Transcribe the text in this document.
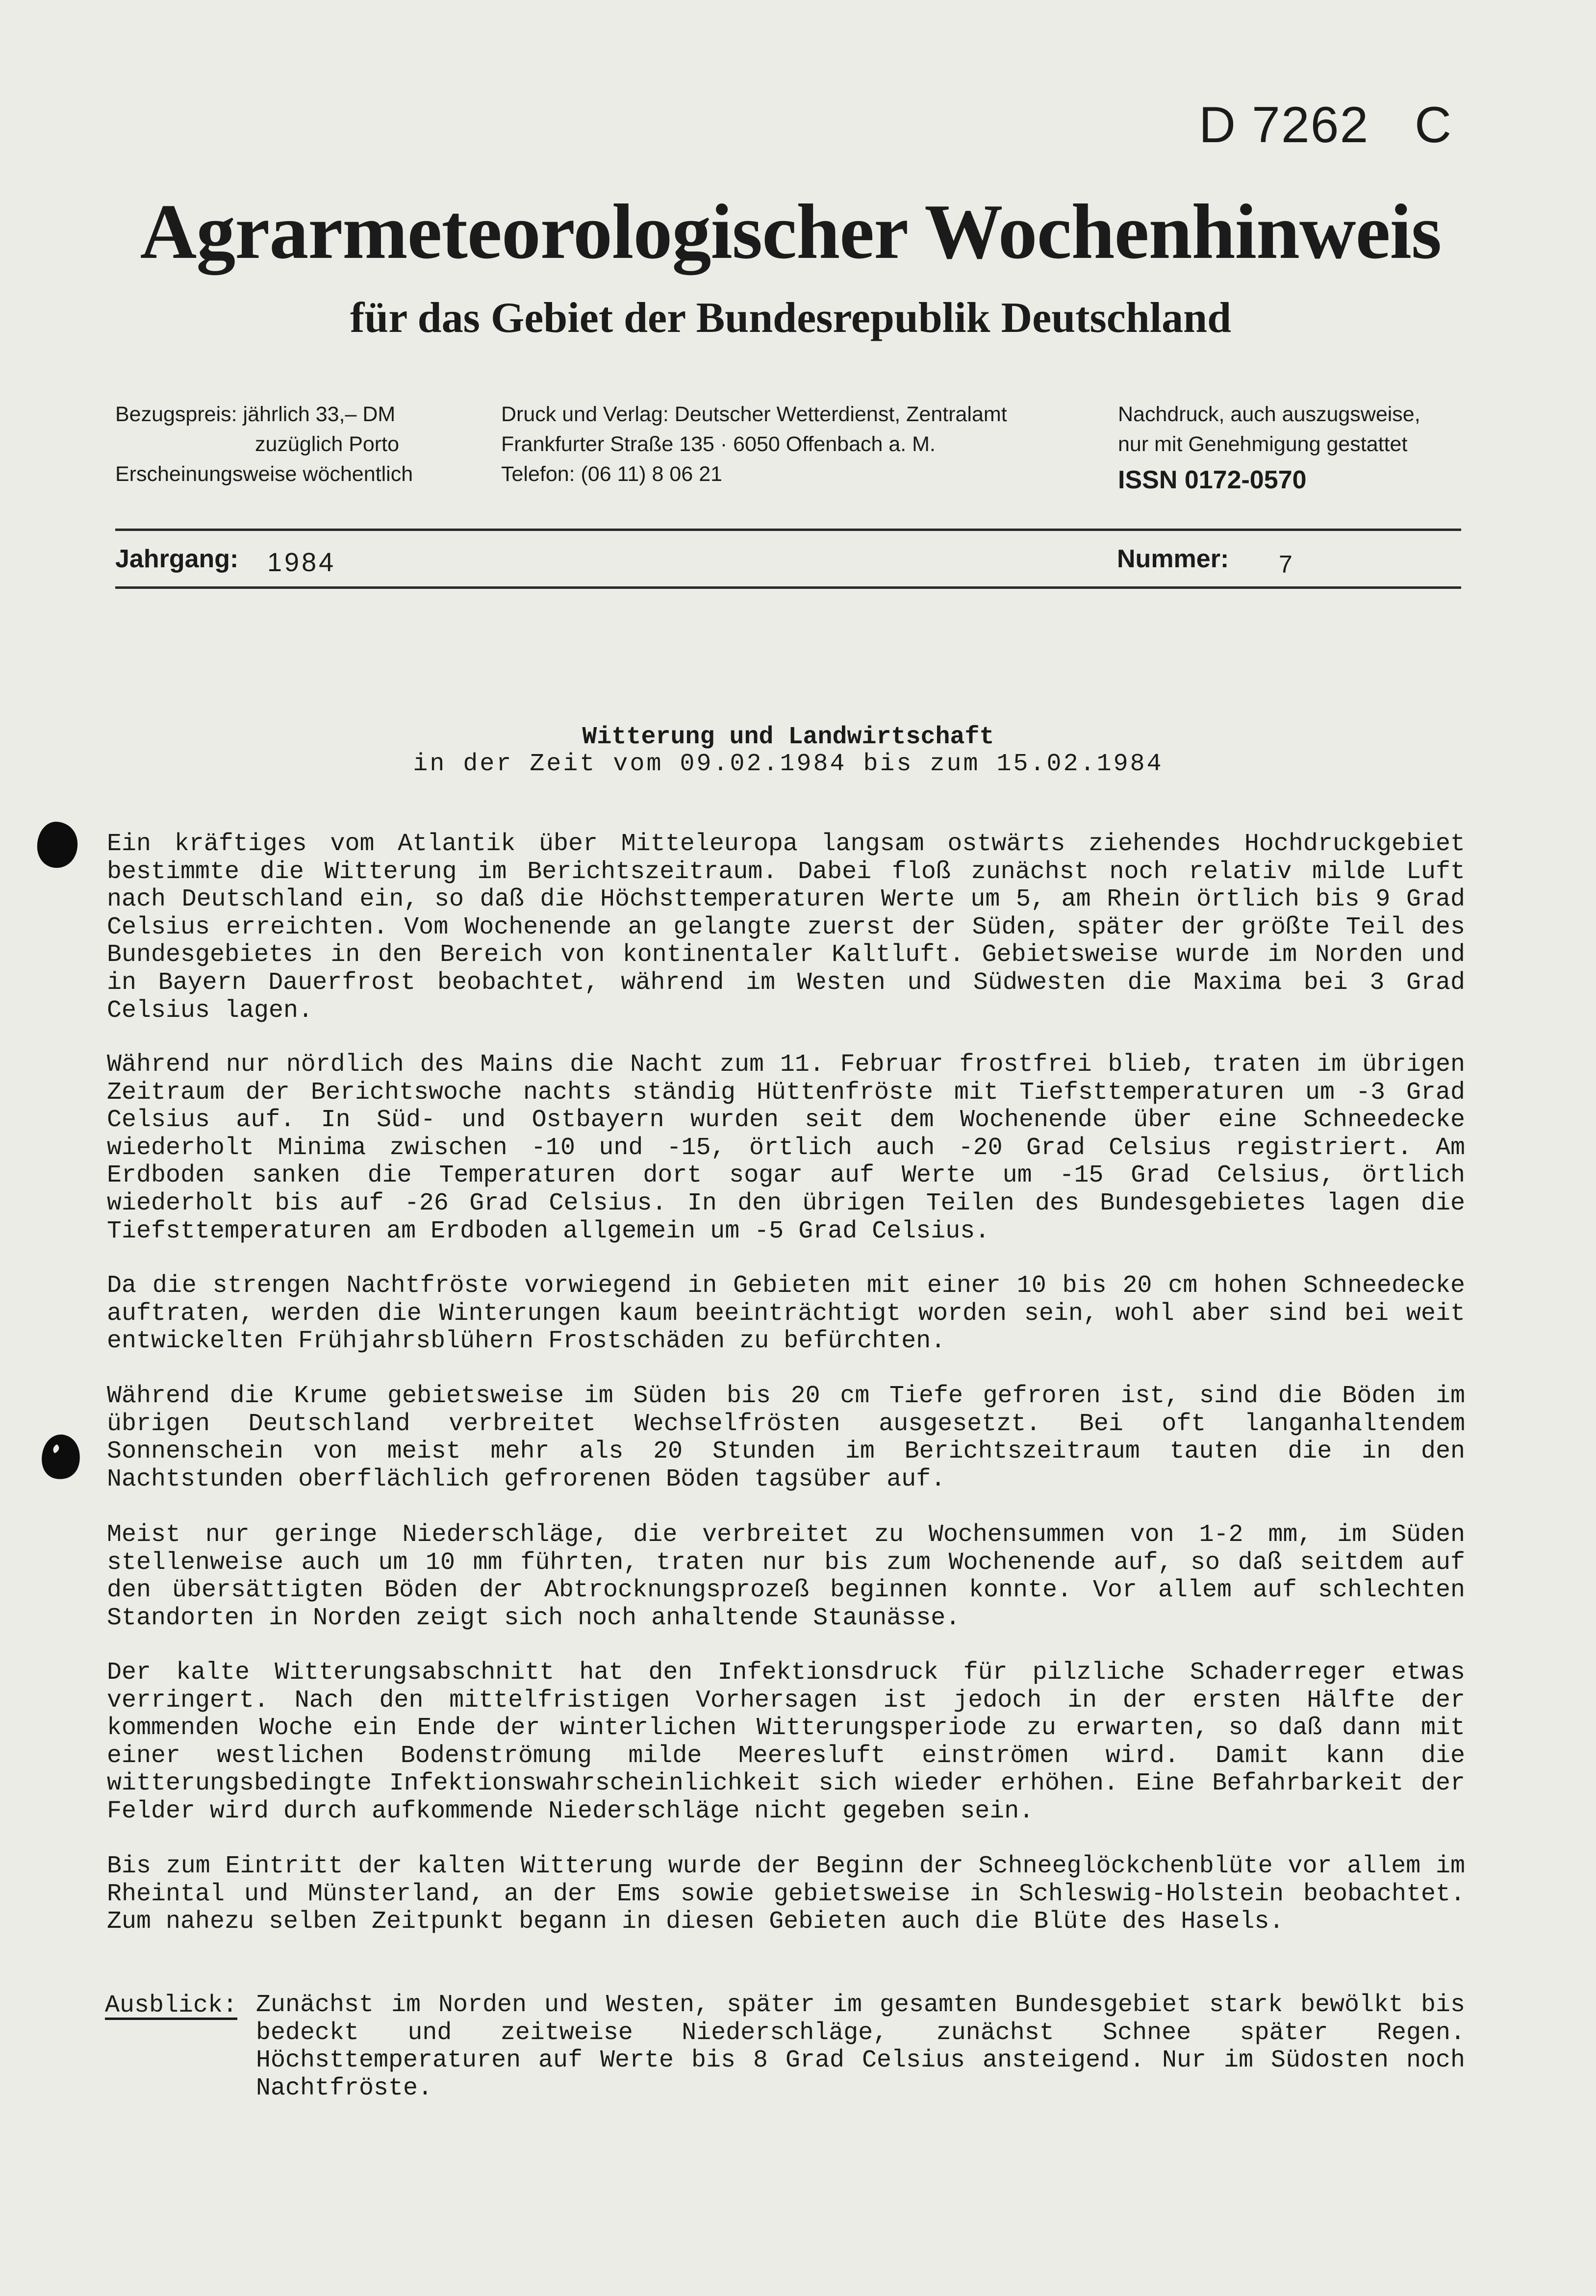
D 7262   C
Agrarmeteorologischer Wochenhinweis
für das Gebiet der Bundesrepublik Deutschland
Bezugspreis: jährlich 33,– DM
zuzüglich Porto
Erscheinungsweise wöchentlich
Druck und Verlag: Deutscher Wetterdienst, Zentralamt
Frankfurter Straße 135 · 6050 Offenbach a. M.
Telefon: (06 11) 8 06 21
Nachdruck, auch auszugsweise,
nur mit Genehmigung gestattet
ISSN 0172-0570
Jahrgang: 1984	Nummer: 7
Witterung und Landwirtschaft
in der Zeit vom 09.02.1984 bis zum 15.02.1984
Ein kräftiges vom Atlantik über Mitteleuropa langsam ostwärts ziehendes Hochdruckgebiet bestimmte die Witterung im Berichtszeitraum. Dabei floß zunächst noch relativ milde Luft nach Deutschland ein, so daß die Höchsttemperaturen Werte um 5, am Rhein örtlich bis 9 Grad Celsius erreichten. Vom Wochenende an gelangte zuerst der Süden, später der größte Teil des Bundesgebietes in den Bereich von kontinentaler Kaltluft. Gebietsweise wurde im Norden und in Bayern Dauerfrost beobachtet, während im Westen und Südwesten die Maxima bei 3 Grad Celsius lagen.
Während nur nördlich des Mains die Nacht zum 11. Februar frostfrei blieb, traten im übrigen Zeitraum der Berichtswoche nachts ständig Hüttenfröste mit Tiefsttemperaturen um -3 Grad Celsius auf. In Süd- und Ostbayern wurden seit dem Wochenende über eine Schneedecke wiederholt Minima zwischen -10 und -15, örtlich auch -20 Grad Celsius registriert. Am Erdboden sanken die Temperaturen dort sogar auf Werte um -15 Grad Celsius, örtlich wiederholt bis auf -26 Grad Celsius. In den übrigen Teilen des Bundesgebietes lagen die Tiefsttemperaturen am Erdboden allgemein um -5 Grad Celsius.
Da die strengen Nachtfröste vorwiegend in Gebieten mit einer 10 bis 20 cm hohen Schneedecke auftraten, werden die Winterungen kaum beeinträchtigt worden sein, wohl aber sind bei weit entwickelten Frühjahrsblühern Frostschäden zu befürchten.
Während die Krume gebietsweise im Süden bis 20 cm Tiefe gefroren ist, sind die Böden im übrigen Deutschland verbreitet Wechselfrösten ausgesetzt. Bei oft langanhaltendem Sonnenschein von meist mehr als 20 Stunden im Berichtszeitraum tauten die in den Nachtstunden oberflächlich gefrorenen Böden tagsüber auf.
Meist nur geringe Niederschläge, die verbreitet zu Wochensummen von 1-2 mm, im Süden stellenweise auch um 10 mm führten, traten nur bis zum Wochenende auf, so daß seitdem auf den übersättigten Böden der Abtrocknungsprozeß beginnen konnte. Vor allem auf schlechten Standorten in Norden zeigt sich noch anhaltende Staunässe.
Der kalte Witterungsabschnitt hat den Infektionsdruck für pilzliche Schaderreger etwas verringert. Nach den mittelfristigen Vorhersagen ist jedoch in der ersten Hälfte der kommenden Woche ein Ende der winterlichen Witterungsperiode zu erwarten, so daß dann mit einer westlichen Bodenströmung milde Meeresluft einströmen wird. Damit kann die witterungsbedingte Infektionswahrscheinlichkeit sich wieder erhöhen. Eine Befahrbarkeit der Felder wird durch aufkommende Niederschläge nicht gegeben sein.
Bis zum Eintritt der kalten Witterung wurde der Beginn der Schneeglöckchenblüte vor allem im Rheintal und Münsterland, an der Ems sowie gebietsweise in Schleswig-Holstein beobachtet. Zum nahezu selben Zeitpunkt begann in diesen Gebieten auch die Blüte des Hasels.
Ausblick: Zunächst im Norden und Westen, später im gesamten Bundesgebiet stark bewölkt bis bedeckt und zeitweise Niederschläge, zunächst Schnee später Regen. Höchsttemperaturen auf Werte bis 8 Grad Celsius ansteigend. Nur im Südosten noch Nachtfröste.
